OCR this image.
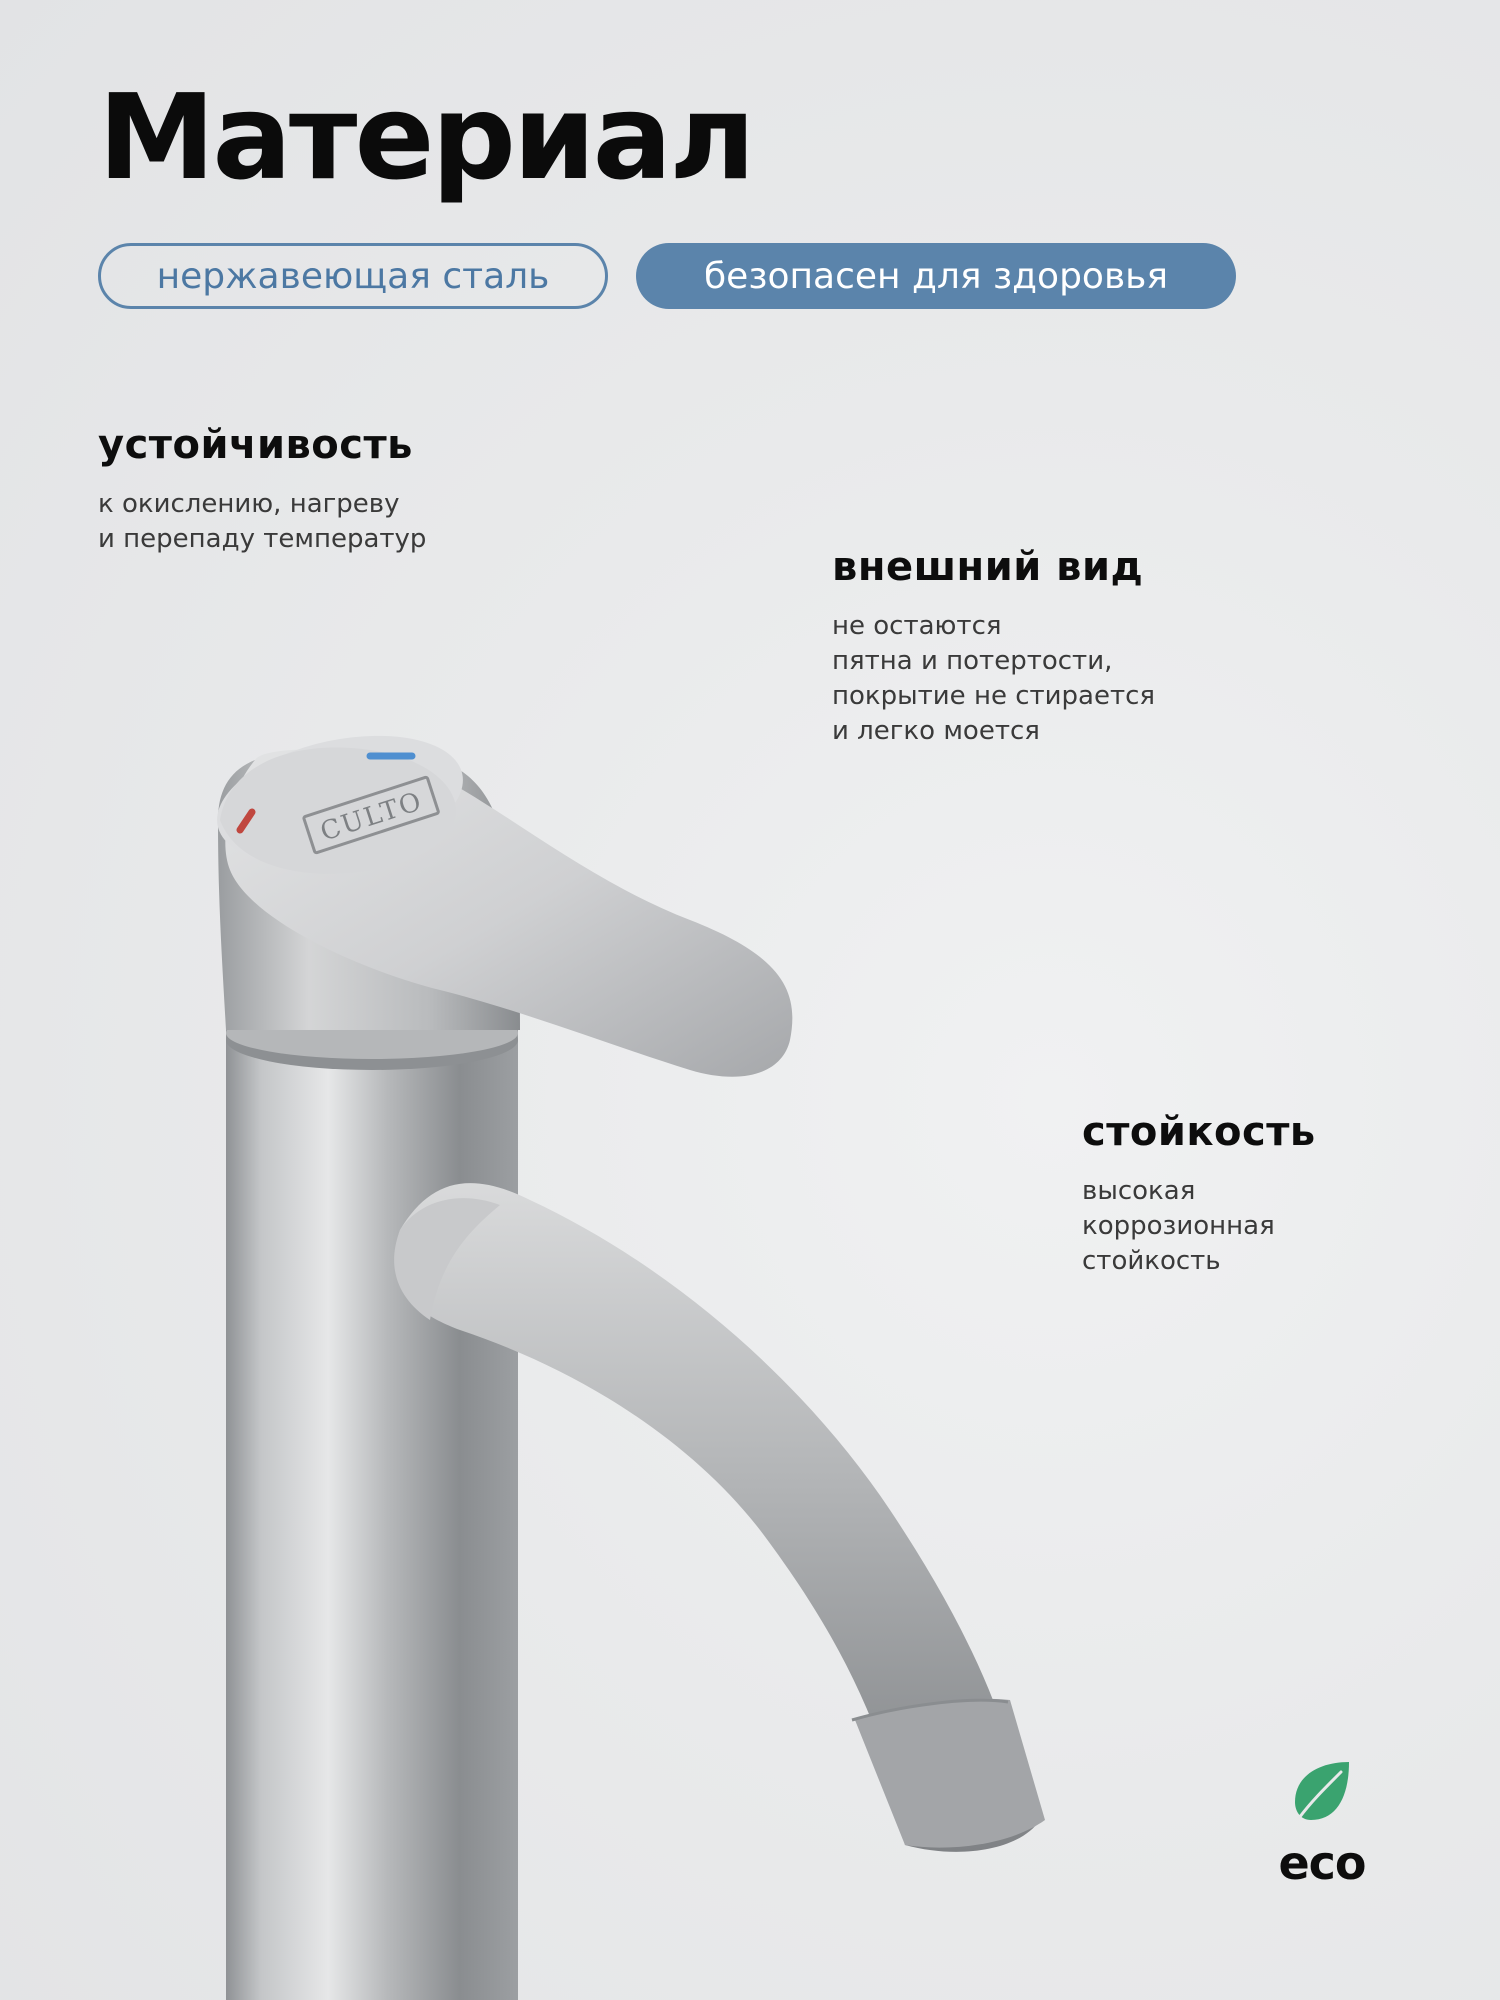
CULTO
Материал
нержавеющая сталь	безопасен для здоровья
устойчивость

к окислению, нагреву
и перепаду температур

внешний вид

не остаются
пятна и потертости,
покрытие не стирается
и легко моется

стойкость

высокая
коррозионная
стойкость

eco
